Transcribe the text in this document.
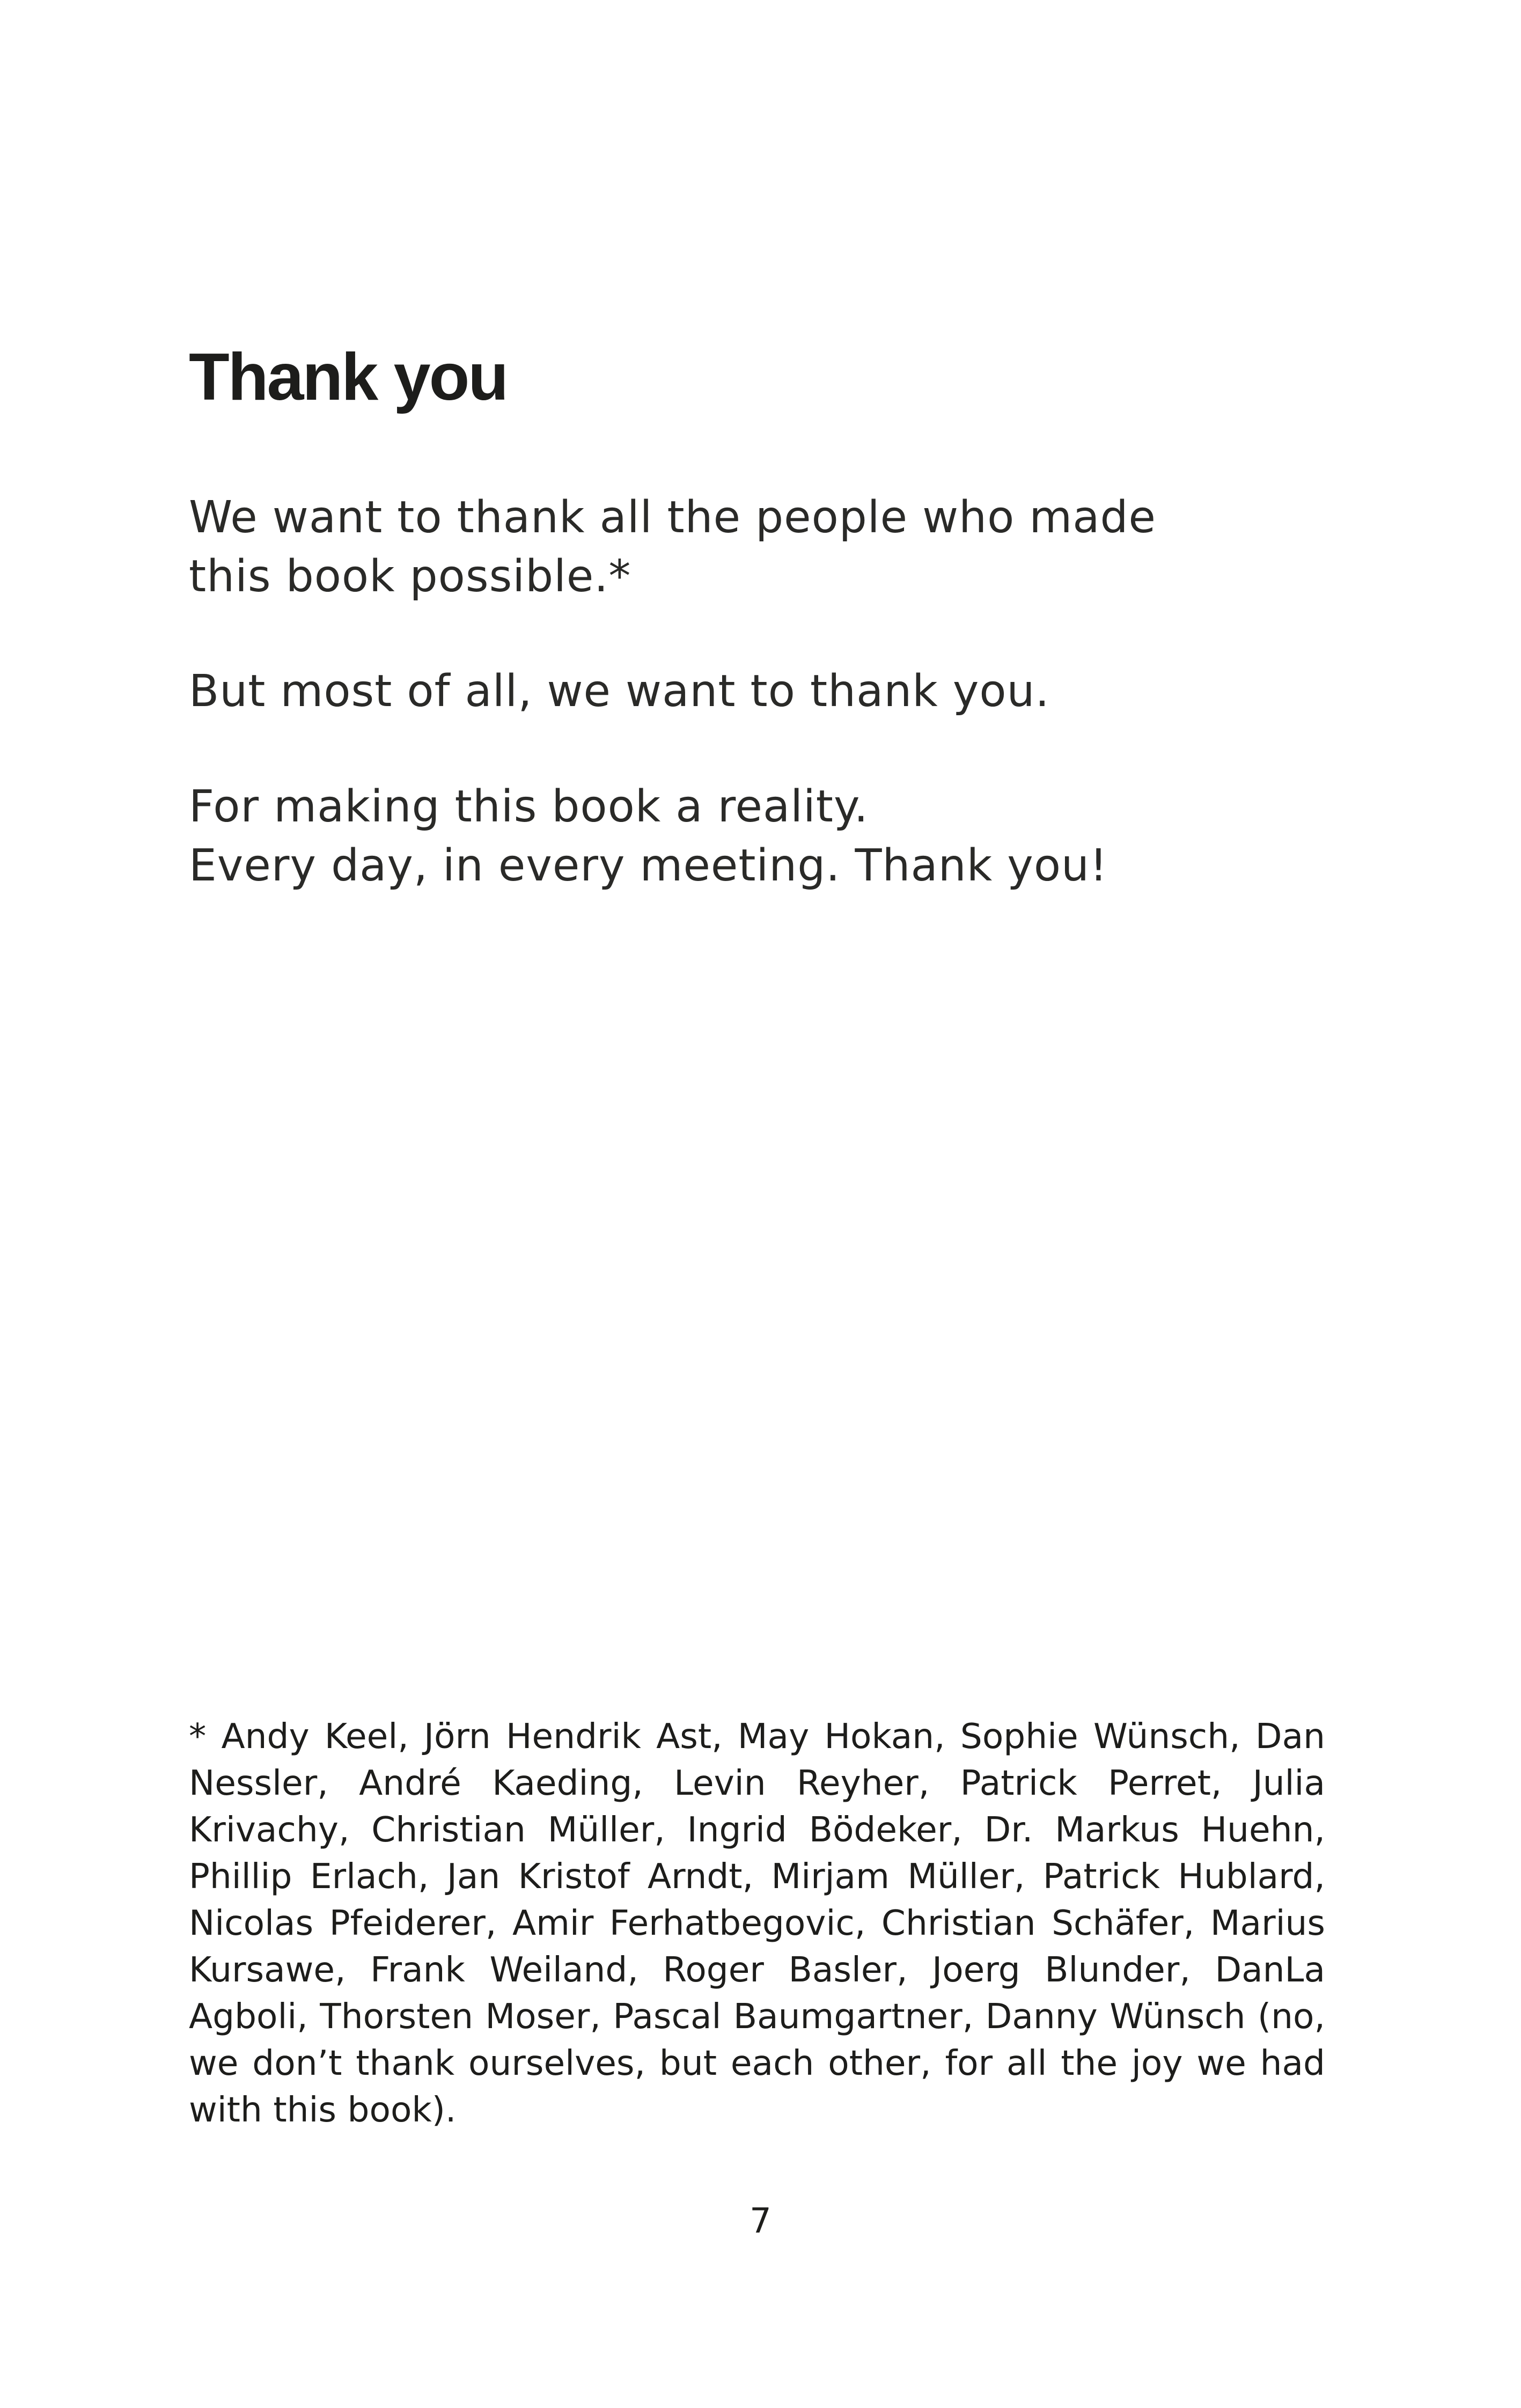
Thank you

We want to thank all the people who made
this book possible.*

But most of all, we want to thank you.

For making this book a reality.
Every day, in every meeting. Thank you!

* Andy Keel, Jörn Hendrik Ast, May Hokan, Sophie Wünsch, Dan Nessler, André Kaeding, Levin Reyher, Patrick Perret, Julia Krivachy, Christian Müller, Ingrid Bödeker, Dr. Markus Huehn, Phillip Erlach, Jan Kristof Arndt, Mirjam Müller, Patrick Hublard, Nicolas Pfeiderer, Amir Ferhatbegovic, Christian Schäfer, Marius Kursawe, Frank Weiland, Roger Basler, Joerg Blunder, DanLa Agboli, Thorsten Moser, Pascal Baumgartner, Danny Wünsch (no, we don’t thank ourselves, but each other, for all the joy we had with this book).

7
